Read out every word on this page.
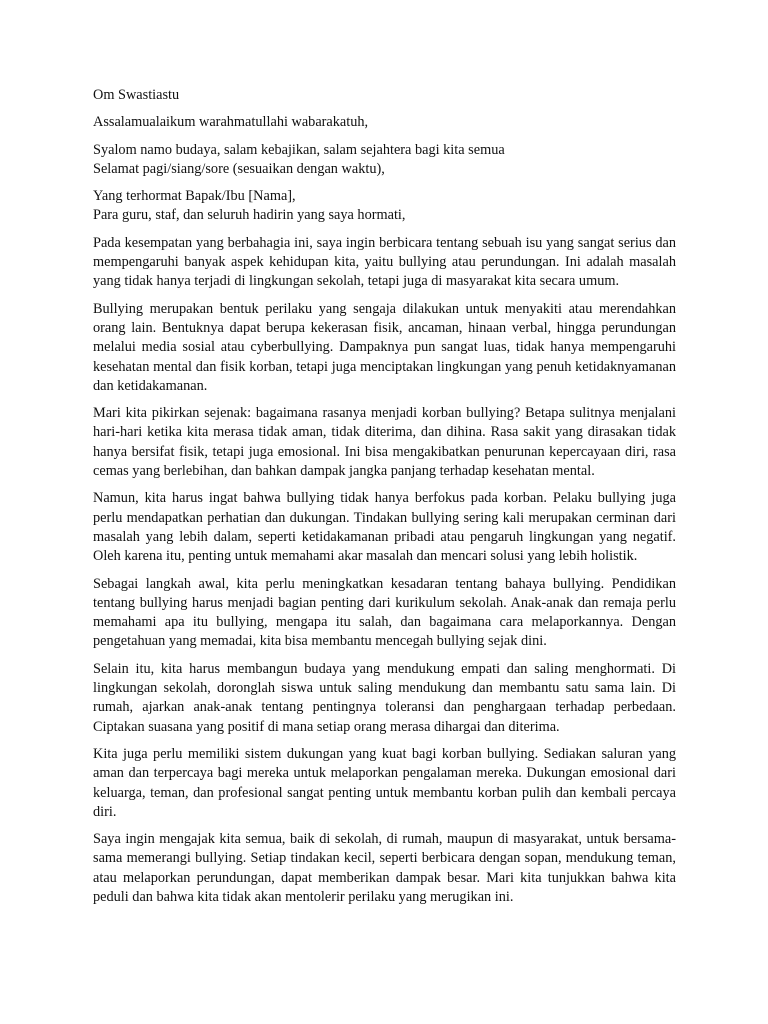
Om Swastiastu

Assalamualaikum warahmatullahi wabarakatuh,

Syalom namo budaya, salam kebajikan, salam sejahtera bagi kita semua

Selamat pagi/siang/sore (sesuaikan dengan waktu),

Yang terhormat Bapak/Ibu [Nama],

Para guru, staf, dan seluruh hadirin yang saya hormati,

Pada kesempatan yang berbahagia ini, saya ingin berbicara tentang sebuah isu yang sangat serius dan mempengaruhi banyak aspek kehidupan kita, yaitu bullying atau perundungan. Ini adalah masalah yang tidak hanya terjadi di lingkungan sekolah, tetapi juga di masyarakat kita secara umum.

Bullying merupakan bentuk perilaku yang sengaja dilakukan untuk menyakiti atau merendahkan orang lain. Bentuknya dapat berupa kekerasan fisik, ancaman, hinaan verbal, hingga perundungan melalui media sosial atau cyberbullying. Dampaknya pun sangat luas, tidak hanya mempengaruhi kesehatan mental dan fisik korban, tetapi juga menciptakan lingkungan yang penuh ketidaknyamanan dan ketidakamanan.

Mari kita pikirkan sejenak: bagaimana rasanya menjadi korban bullying? Betapa sulitnya menjalani hari-hari ketika kita merasa tidak aman, tidak diterima, dan dihina. Rasa sakit yang dirasakan tidak hanya bersifat fisik, tetapi juga emosional. Ini bisa mengakibatkan penurunan kepercayaan diri, rasa cemas yang berlebihan, dan bahkan dampak jangka panjang terhadap kesehatan mental.

Namun, kita harus ingat bahwa bullying tidak hanya berfokus pada korban. Pelaku bullying juga perlu mendapatkan perhatian dan dukungan. Tindakan bullying sering kali merupakan cerminan dari masalah yang lebih dalam, seperti ketidakamanan pribadi atau pengaruh lingkungan yang negatif. Oleh karena itu, penting untuk memahami akar masalah dan mencari solusi yang lebih holistik.

Sebagai langkah awal, kita perlu meningkatkan kesadaran tentang bahaya bullying. Pendidikan tentang bullying harus menjadi bagian penting dari kurikulum sekolah. Anak-anak dan remaja perlu memahami apa itu bullying, mengapa itu salah, dan bagaimana cara melaporkannya. Dengan pengetahuan yang memadai, kita bisa membantu mencegah bullying sejak dini.

Selain itu, kita harus membangun budaya yang mendukung empati dan saling menghormati. Di lingkungan sekolah, doronglah siswa untuk saling mendukung dan membantu satu sama lain. Di rumah, ajarkan anak-anak tentang pentingnya toleransi dan penghargaan terhadap perbedaan. Ciptakan suasana yang positif di mana setiap orang merasa dihargai dan diterima.

Kita juga perlu memiliki sistem dukungan yang kuat bagi korban bullying. Sediakan saluran yang aman dan terpercaya bagi mereka untuk melaporkan pengalaman mereka. Dukungan emosional dari keluarga, teman, dan profesional sangat penting untuk membantu korban pulih dan kembali percaya diri.

Saya ingin mengajak kita semua, baik di sekolah, di rumah, maupun di masyarakat, untuk bersama-sama memerangi bullying. Setiap tindakan kecil, seperti berbicara dengan sopan, mendukung teman, atau melaporkan perundungan, dapat memberikan dampak besar. Mari kita tunjukkan bahwa kita peduli dan bahwa kita tidak akan mentolerir perilaku yang merugikan ini.
